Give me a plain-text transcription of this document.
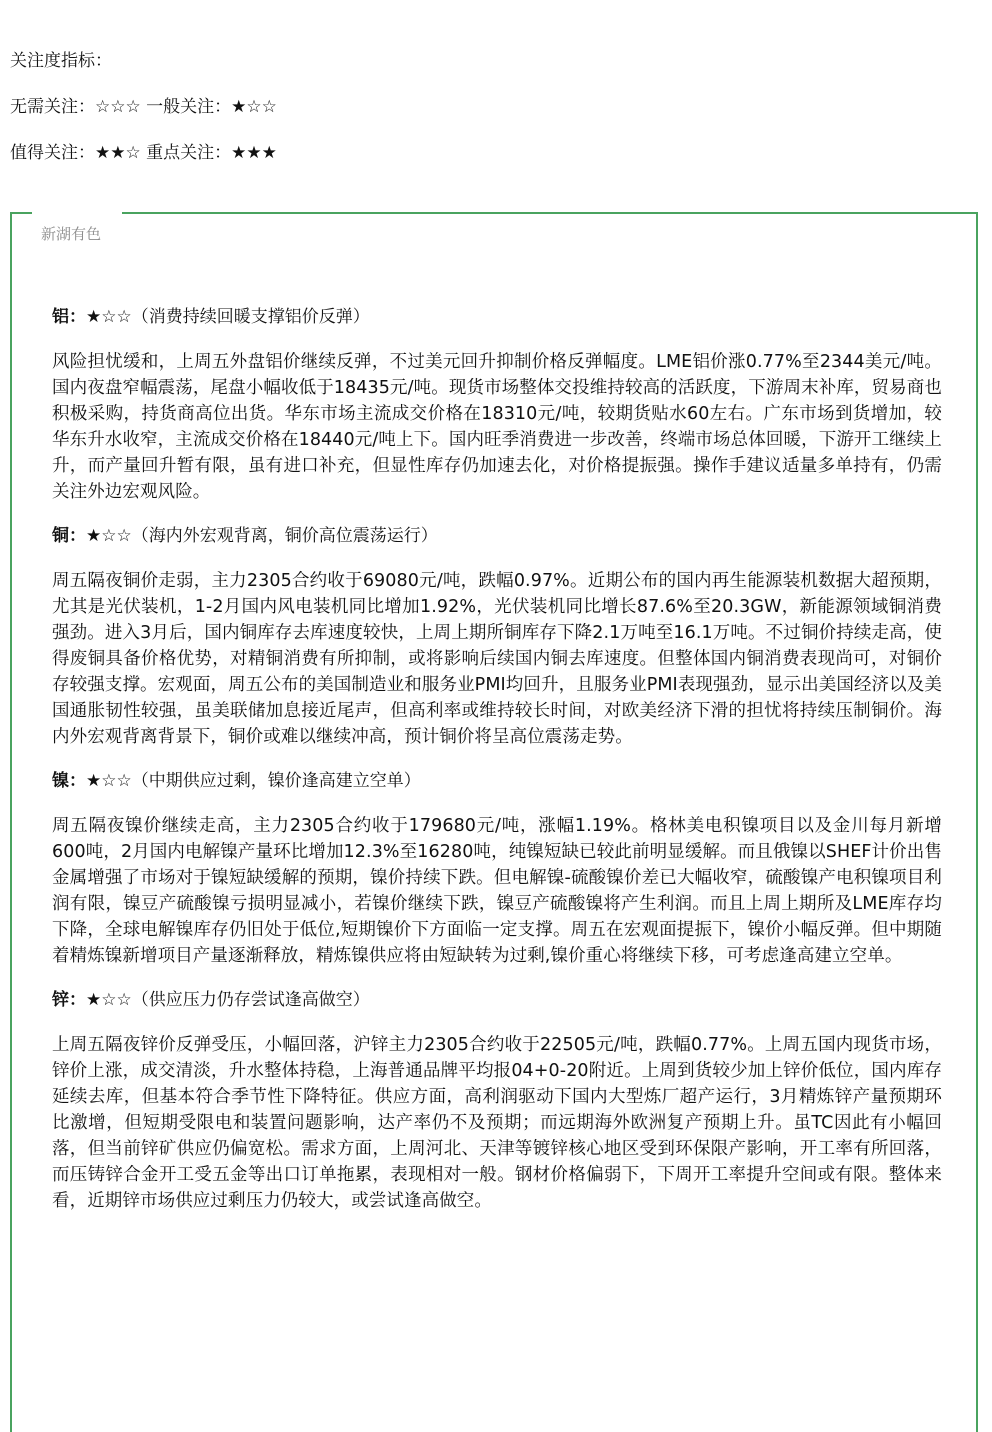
关注度指标：

无需关注：☆☆☆ 一般关注：★☆☆

值得关注：★★☆ 重点关注：★★★

新湖有色

铝：★☆☆（消费持续回暖支撑铝价反弹）

风险担忧缓和，上周五外盘铝价继续反弹，不过美元回升抑制价格反弹幅度。LME铝价涨0.77%至2344美元/吨。国内夜盘窄幅震荡，尾盘小幅收低于18435元/吨。现货市场整体交投维持较高的活跃度，下游周末补库，贸易商也积极采购，持货商高位出货。华东市场主流成交价格在18310元/吨，较期货贴水60左右。广东市场到货增加，较华东升水收窄，主流成交价格在18440元/吨上下。国内旺季消费进一步改善，终端市场总体回暖，下游开工继续上升，而产量回升暂有限，虽有进口补充，但显性库存仍加速去化，对价格提振强。操作手建议适量多单持有，仍需关注外边宏观风险。

铜：★☆☆（海内外宏观背离，铜价高位震荡运行）

周五隔夜铜价走弱，主力2305合约收于69080元/吨，跌幅0.97%。近期公布的国内再生能源装机数据大超预期，尤其是光伏装机，1-2月国内风电装机同比增加1.92%，光伏装机同比增长87.6%至20.3GW，新能源领域铜消费强劲。进入3月后，国内铜库存去库速度较快，上周上期所铜库存下降2.1万吨至16.1万吨。不过铜价持续走高，使得废铜具备价格优势，对精铜消费有所抑制，或将影响后续国内铜去库速度。但整体国内铜消费表现尚可，对铜价存较强支撑。宏观面，周五公布的美国制造业和服务业PMI均回升，且服务业PMI表现强劲，显示出美国经济以及美国通胀韧性较强，虽美联储加息接近尾声，但高利率或维持较长时间，对欧美经济下滑的担忧将持续压制铜价。海内外宏观背离背景下，铜价或难以继续冲高，预计铜价将呈高位震荡走势。

镍：★☆☆（中期供应过剩，镍价逢高建立空单）

周五隔夜镍价继续走高，主力2305合约收于179680元/吨，涨幅1.19%。格林美电积镍项目以及金川每月新增600吨，2月国内电解镍产量环比增加12.3%至16280吨，纯镍短缺已较此前明显缓解。而且俄镍以SHEF计价出售金属增强了市场对于镍短缺缓解的预期，镍价持续下跌。但电解镍-硫酸镍价差已大幅收窄，硫酸镍产电积镍项目利润有限，镍豆产硫酸镍亏损明显减小，若镍价继续下跌，镍豆产硫酸镍将产生利润。而且上周上期所及LME库存均下降，全球电解镍库存仍旧处于低位,短期镍价下方面临一定支撑。周五在宏观面提振下，镍价小幅反弹。但中期随着精炼镍新增项目产量逐渐释放，精炼镍供应将由短缺转为过剩,镍价重心将继续下移，可考虑逢高建立空单。

锌：★☆☆（供应压力仍存尝试逢高做空）

上周五隔夜锌价反弹受压，小幅回落，沪锌主力2305合约收于22505元/吨，跌幅0.77%。上周五国内现货市场，锌价上涨，成交清淡，升水整体持稳，上海普通品牌平均报04+0-20附近。上周到货较少加上锌价低位，国内库存延续去库，但基本符合季节性下降特征。供应方面，高利润驱动下国内大型炼厂超产运行，3月精炼锌产量预期环比激增，但短期受限电和装置问题影响，达产率仍不及预期；而远期海外欧洲复产预期上升。虽TC因此有小幅回落，但当前锌矿供应仍偏宽松。需求方面，上周河北、天津等镀锌核心地区受到环保限产影响，开工率有所回落，而压铸锌合金开工受五金等出口订单拖累，表现相对一般。钢材价格偏弱下，下周开工率提升空间或有限。整体来看，近期锌市场供应过剩压力仍较大，或尝试逢高做空。
